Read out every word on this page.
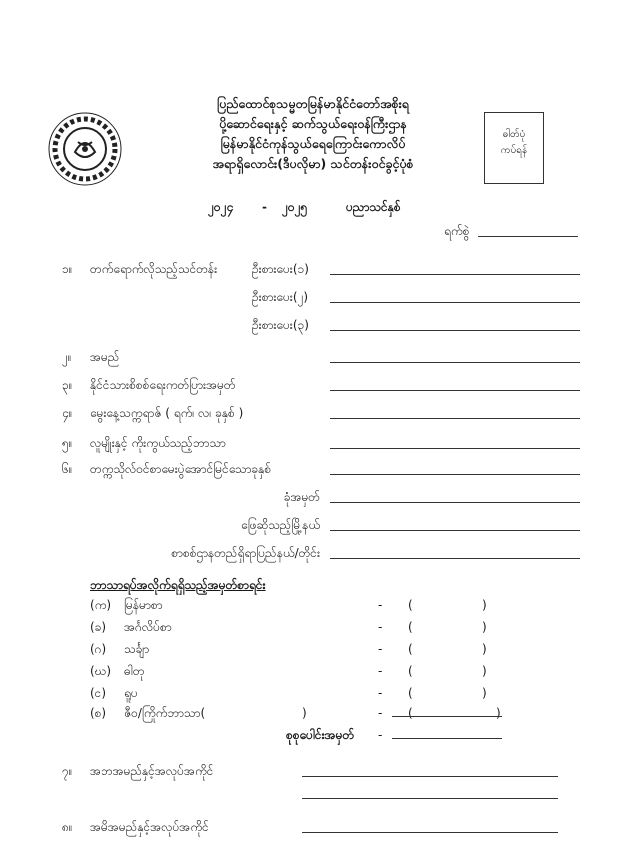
ပြည်ထောင်စုသမ္မတမြန်မာနိုင်ငံတော်အစိုးရ
ပို့ဆောင်ရေးနှင့် ဆက်သွယ်ရေးဝန်ကြီးဌာန
မြန်မာနိုင်ငံကုန်သွယ်ရေကြောင်းကောလိပ်
အရာရှိလောင်း(ဒီပလိုမာ) သင်တန်းဝင်ခွင့်ပုံစံ
၂၀၂၄ - ၂၀၂၅	ပညာသင်နှစ်
ဓါတ်ပုံ
ကပ်ရန်
ရက်စွဲ
၁။ တက်ရောက်လိုသည့်သင်တန်း	ဦးစားပေး(၁)
ဦးစားပေး(၂)
ဦးစားပေး(၃)
၂။ အမည်
၃။ နိုင်ငံသားစိစစ်ရေးကတ်ပြားအမှတ်
၄။ မွေးနေ့သက္ကရာဇ် ( ရက်၊ လ၊ ခုနှစ် )
၅။ လူမျိုးနှင့် ကိုးကွယ်သည့်ဘာသာ
၆။ တက္ကသိုလ်ဝင်စာမေးပွဲအောင်မြင်သောခုနှစ်
ခုံအမှတ်
ဖြေဆိုသည့်မြို့နယ်
စာစစ်ဌာနတည်ရှိရာပြည်နယ်/တိုင်း
ဘာသာရပ်အလိုက်ရရှိသည့်အမှတ်စာရင်း
(က) မြန်မာစာ	- (	)
(ခ) အင်္ဂလိပ်စာ	- (	)
(ဂ) သင်္ချာ	- (	)
(ဃ) ဓါတု	- (	)
(င) ရူပ	- (	)
(စ) ဇီဝ/ကြိုက်ဘာသာ(	)	- (	)
စုစုပေါင်းအမှတ် -
၇။ အဘအမည်နှင့်အလုပ်အကိုင်
၈။ အမိအမည်နှင့်အလုပ်အကိုင်
